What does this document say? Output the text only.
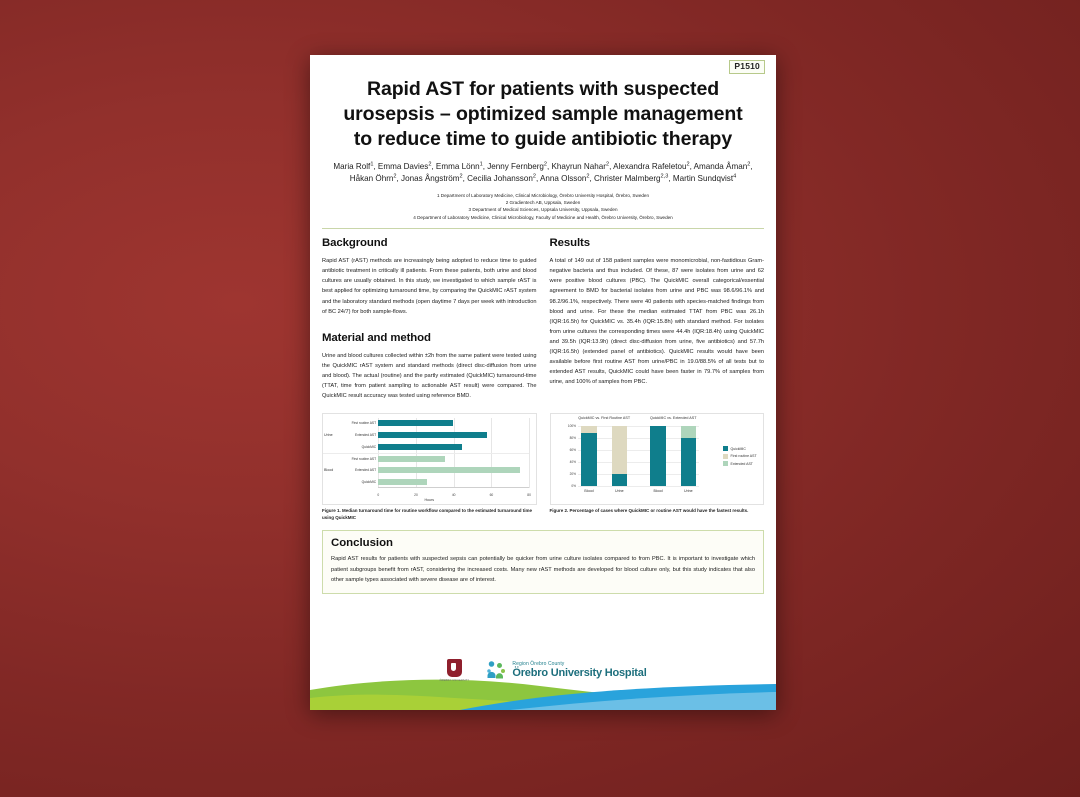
P1510
Rapid AST for patients with suspected urosepsis – optimized sample management to reduce time to guide antibiotic therapy
Maria Rolf$^1$, Emma Davies$^2$, Emma Lönn$^1$, Jenny Fernberg$^2$, Khayrun Nahar$^2$, Alexandra Rafeletou$^2$, Amanda Åman$^2$, Håkan Öhrn$^2$, Jonas Ångström$^2$, Cecilia Johansson$^2$, Anna Olsson$^2$, Christer Malmberg$^{2,3}$, Martin Sundqvist$^4$
1 Department of Laboratory Medicine, Clinical Microbiology, Örebro University Hospital, Örebro, Sweden
2 Gradientech AB, Uppsala, Sweden
3 Department of Medical Sciences, Uppsala University, Uppsala, Sweden
4 Department of Laboratory Medicine, Clinical Microbiology, Faculty of Medicine and Health, Örebro University, Örebro, Sweden
Background

Rapid AST (rAST) methods are increasingly being adopted to reduce time to guided antibiotic treatment in critically ill patients. From these patients, both urine and blood cultures are usually obtained. In this study, we investigated to which sample rAST is best applied for optimizing turnaround time, by comparing the QuickMIC rAST system and the laboratory standard methods (open daytime 7 days per week with introduction of BC 24/7) for both sample-flows.

Material and method

Urine and blood cultures collected within ±2h from the same patient were tested using the QuickMIC rAST system and standard methods (direct disc-diffusion from urine and blood). The actual (routine) and the partly estimated (QuickMIC) turnaround-time (TTAT, time from patient sampling to actionable AST result) were compared. The QuickMIC result accuracy was tested using reference BMD.

Results

A total of 149 out of 158 patient samples were monomicrobial, non-fastidious Gram-negative bacteria and thus included. Of these, 87 were isolates from urine and 62 were positive blood cultures (PBC). The QuickMIC overall categorical/essential agreement to BMD for bacterial isolates from urine and PBC was 98.6/96.1% and 98.2/96.1%, respectively. There were 40 patients with species-matched findings from blood and urine. For these the median estimated TTAT from PBC was 26.1h (IQR:16.5h) for QuickMIC vs. 35.4h (IQR:15.8h) with standard method. For isolates from urine cultures the corresponding times were 44.4h (IQR:18.4h) using QuickMIC and 39.5h (IQR:13.9h) (direct disc-diffusion from urine, five antibiotics) and 57.7h (IQR:16.5h) (extended panel of antibiotics). QuickMIC results would have been available before first routine AST from urine/PBC in 19.0/88.5% of all tests but to extended AST results, QuickMIC could have been faster in 79.7% of samples from urine, and 100% of samples from PBC.

First routine AST
Extended AST
QuickMIC
First routine AST
Extended AST
QuickMIC
Urine
Blood
0	20	40	60	80
Hours
Figure 1. Median turnaround time for routine workflow compared to the estimated turnaround time using QuickMIC
0%
20%
40%
60%
80%
100%
Blood	Urine	Blood	Urine
QuickMIC vs. First Routine AST	QuickMIC vs. Extended AST
QuickMIC
First routine AST
Extended AST
Figure 2. Percentage of cases where QuickMIC or routine AST would have the fastest results.
Conclusion

Rapid AST results for patients with suspected sepsis can potentially be quicker from urine culture isolates compared to from PBC. It is important to investigate which patient subgroups benefit from rAST, considering the increased costs. Many new rAST methods are developed for blood culture only, but this study indicates that also other sample types associated with severe disease are of interest.

ÖREBRO UNIVERSITY
Region Örebro County
Örebro University Hospital
